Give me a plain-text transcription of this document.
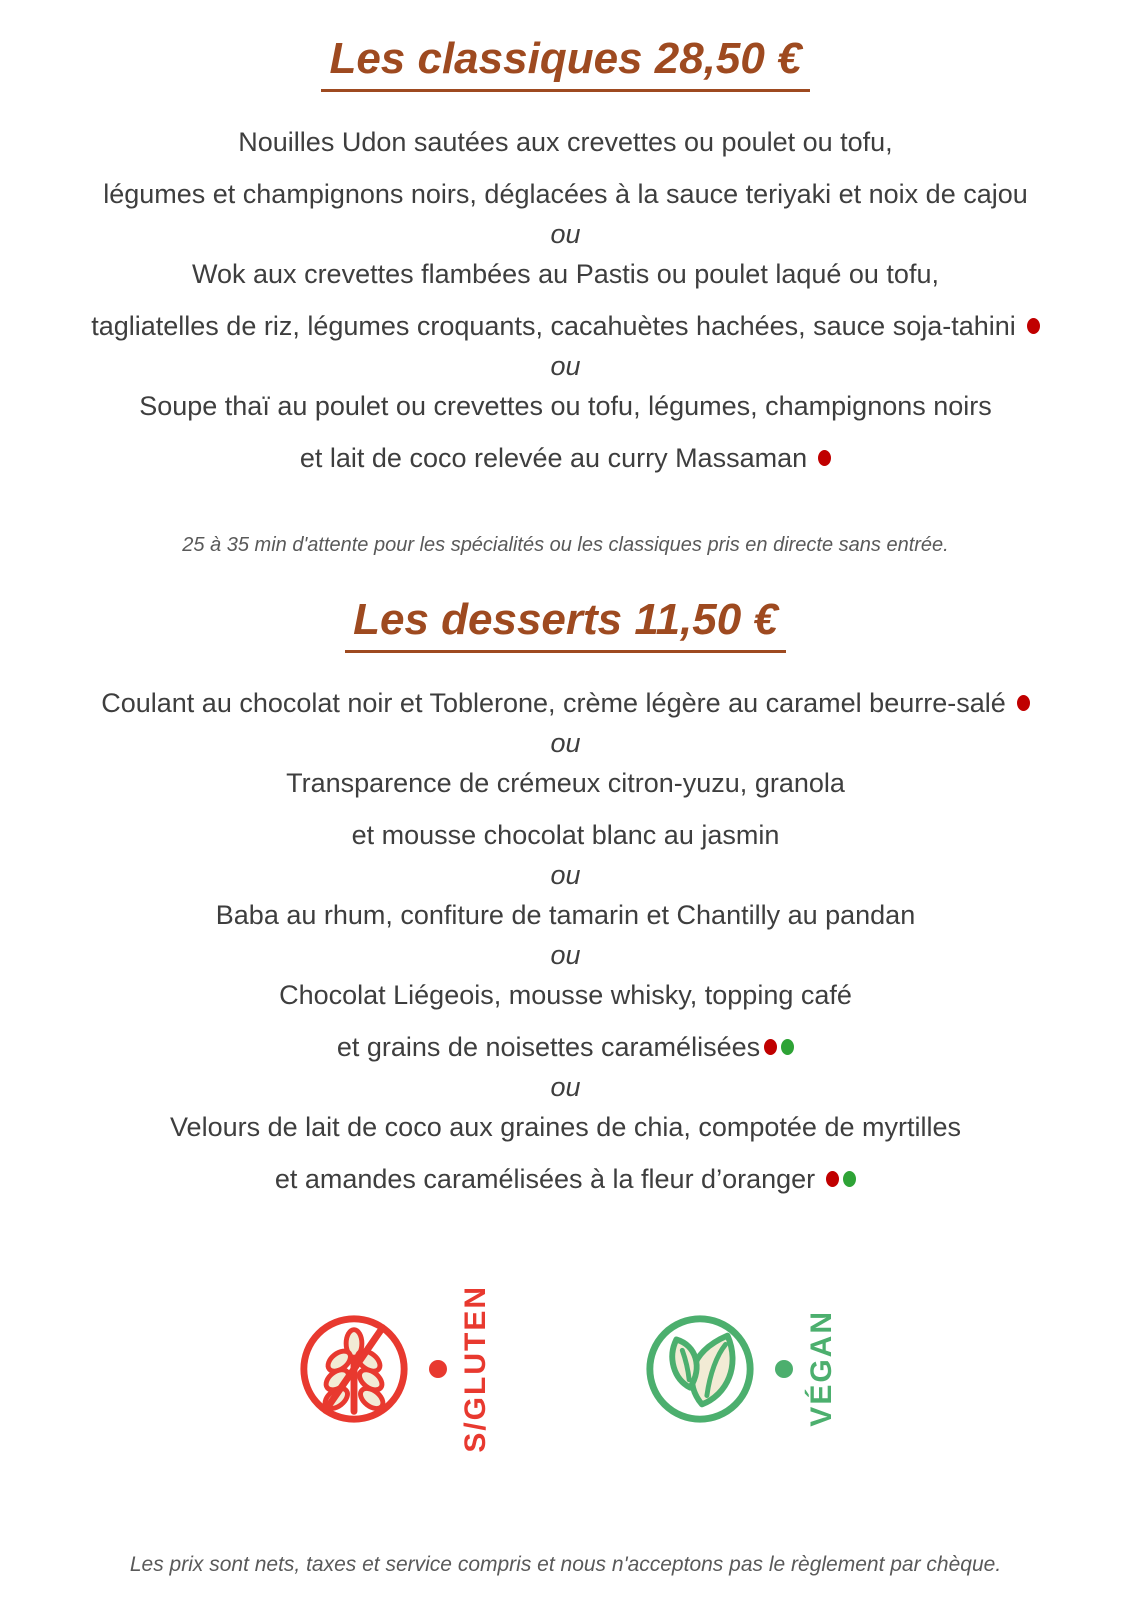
Les classiques 28,50 €

Nouilles Udon sautées aux crevettes ou poulet ou tofu,

légumes et champignons noirs, déglacées à la sauce teriyaki et noix de cajou

ou

Wok aux crevettes flambées au Pastis ou poulet laqué ou tofu,

tagliatelles de riz, légumes croquants, cacahuètes hachées, sauce soja-tahini

ou

Soupe thaï au poulet ou crevettes ou tofu, légumes, champignons noirs

et lait de coco relevée au curry Massaman

25 à 35 min d'attente pour les spécialités ou les classiques pris en directe sans entrée.

Les desserts 11,50 €

Coulant au chocolat noir et Toblerone, crème légère au caramel beurre-salé

ou

Transparence de crémeux citron-yuzu, granola

et mousse chocolat blanc au jasmin

ou

Baba au rhum, confiture de tamarin et Chantilly au pandan

ou

Chocolat Liégeois, mousse whisky, topping café

et grains de noisettes caramélisées

ou

Velours de lait de coco aux graines de chia, compotée de myrtilles

et amandes caramélisées à la fleur d’oranger

S/GLUTEN	VÉGAN

Les prix sont nets, taxes et service compris et nous n'acceptons pas le règlement par chèque.
